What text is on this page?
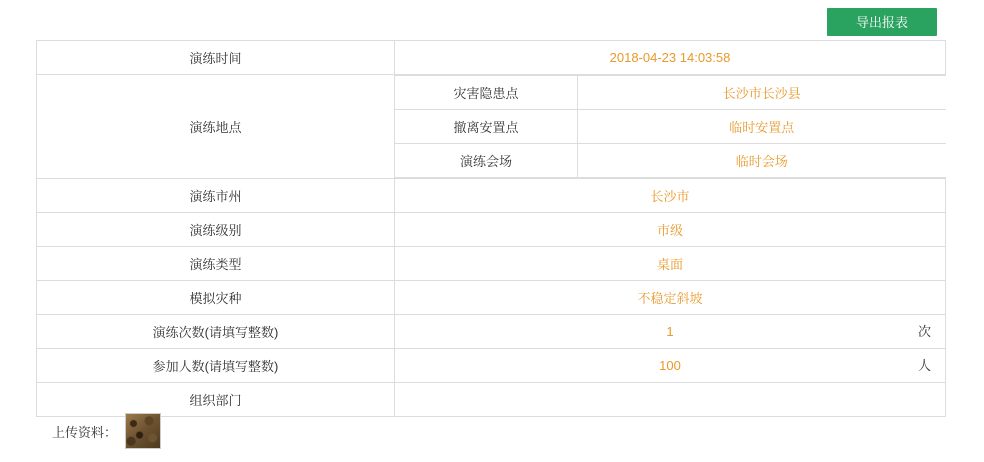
导出报表
演练时间	2018-04-23 14:03:58
演练地点	
灾害隐患点	长沙市长沙县
撤离安置点	临时安置点
演练会场	临时会场

演练市州	长沙市
演练级别	市级
演练类型	桌面
模拟灾种	不稳定斜坡
演练次数(请填写整数)	1	次

参加人数(请填写整数)	100	人

组织部门	
上传资料：
